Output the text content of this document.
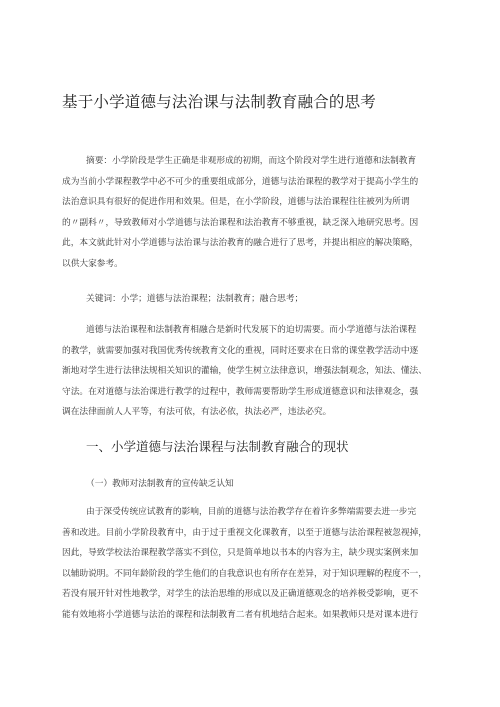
基于小学道德与法治课与法制教育融合的思考
摘要：小学阶段是学生正确是非观形成的初期，而这个阶段对学生进行道德和法制教育
成为当前小学课程教学中必不可少的重要组成部分，道德与法治课程的教学对于提高小学生的
法治意识具有很好的促进作用和效果。但是，在小学阶段，道德与法治课程往往被列为所谓
的〃副科〃，导致教师对小学道德与法治课程和法治教育不够重视，缺乏深入地研究思考。因
此，本文就此针对小学道德与法治课与法治教育的融合进行了思考，并提出相应的解决策略，
以供大家参考。
关键词：小学；道德与法治课程；法制教育；融合思考；
道德与法治课程和法制教育相融合是新时代发展下的迫切需要。而小学道德与法治课程
的教学，就需要加强对我国优秀传统教育文化的重视，同时还要求在日常的课堂教学活动中逐
渐地对学生进行法律法规相关知识的灌输，使学生树立法律意识，增强法制观念，知法、懂法、
守法。在对道德与法治课进行教学的过程中，教师需要帮助学生形成道德意识和法律观念，强
调在法律面前人人平等，有法可依，有法必依，执法必严，违法必究。
一、小学道德与法治课程与法制教育融合的现状
（一）教师对法制教育的宣传缺乏认知
由于深受传统应试教育的影响，目前的道德与法治教学存在着许多弊端需要去进一步完
善和改进。目前小学阶段教育中，由于过于重视文化课教育，以至于道德与法治课程被忽视掉，
因此，导致学校法治课程教学落实不到位，只是简单地以书本的内容为主，缺少现实案例来加
以辅助说明。不同年龄阶段的学生他们的自我意识也有所存在差异，对于知识理解的程度不一，
若没有展开针对性地教学，对学生的法治思维的形成以及正确道德观念的培养极受影响，更不
能有效地将小学道德与法治的课程和法制教育二者有机地结合起来。如果教师只是对课本进行
